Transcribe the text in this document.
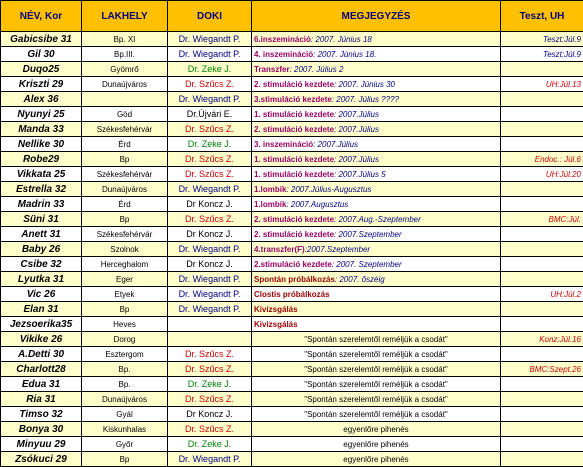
NÉV, Kor	LAKHELY	DOKI	MEGJEGYZÉS	Teszt, UH
Gabicsibe 31	Bp. XI	Dr. Wiegandt P.	6.inszemináció: 2007. Június 18	Teszt:Júl.9
Gil 30	Bp.III.	Dr. Wiegandt P.	4. inszemináció: 2007. Június 18.	Teszt:Júl.9
Duqo25	Gyömrő	Dr. Zeke J.	Transzfer: 2007. Július 2	
Kriszti 29	Dunaújváros	Dr. Szűcs Z.	2. stimuláció kezdete: 2007. Június 30	UH:Júl.13
Alex 36		Dr. Wiegandt P.	3.stimuláció kezdete: 2007. Július ????	
Nyunyi 25	Göd	Dr.Újvári E.	1. stimuláció kezdete: 2007.Július	
Manda 33	Székesfehérvár	Dr. Szűcs Z.	2. stimuláció kezdete: 2007.Július	
Nellike 30	Érd	Dr. Zeke J.	3. inszemináció: 2007.Július	
Robe29	Bp	Dr. Szűcs Z.	1. stimuláció kezdete: 2007.Július	Endoc.: Júl.6
Vikkata 25	Székesfehérvár	Dr. Szűcs Z.	1. stimuláció kezdete: 2007.Július 5	UH:Júl.20
Estrella 32	Dunaújváros	Dr. Wiegandt P.	1.lombik: 2007.Július-Augusztus	
Madrin 33	Érd	Dr Koncz J.	1.lombik: 2007.Augusztus	
Süni 31	Bp	Dr. Szűcs Z.	2. stimuláció kezdete: 2007.Aug.-Szeptember	BMC:Júl.
Anett 31	Székesfehérvár	Dr Koncz J.	2. stimuláció kezdete: 2007.Szeptember	
Baby 26	Szolnok	Dr. Wiegandt P.	4.transzfer(F):2007.Szeptember	
Csibe 32	Herceghalom	Dr Koncz J.	2.stimuláció kezdete: 2007. Szeptember	
Lyutka 31	Eger	Dr. Wiegandt P.	Spontán próbálkozás: 2007. őszéig	
Vic 26	Etyek	Dr. Wiegandt P.	Clostis próbálkozás	UH:Júl.2
Elan 31	Bp	Dr. Wiegandt P.	Kivizsgálás	
Jezsoerika35	Heves		Kivizsgálás	
Vikike 26	Dorog		"Spontán szerelemtől reméljük a csodát"	Konz:Júl.16
A.Detti 30	Esztergom	Dr. Szűcs Z.	"Spontán szerelemtől reméljük a csodát"	
Charlott28	Bp.	Dr. Szűcs Z.	"Spontán szerelemtől reméljük a csodát"	BMC:Szept.26
Edua 31	Bp.	Dr. Zeke J.	"Spontán szerelemtől reméljük a csodát"	
Ria 31	Dunaújváros	Dr. Szűcs Z.	"Spontán szerelemtől reméljük a csodát"	
Timso 32	Gyál	Dr Koncz J.	"Spontán szerelemtől reméljük a csodát"	
Bonya 30	Kiskunhalas	Dr. Szűcs Z.	egyenlőre pihenés	
Minyuu 29	Győr	Dr. Zeke J.	egyenlőre pihenés	
Zsókuci 29	Bp	Dr. Wiegandt P.	egyenlőre pihenés	
